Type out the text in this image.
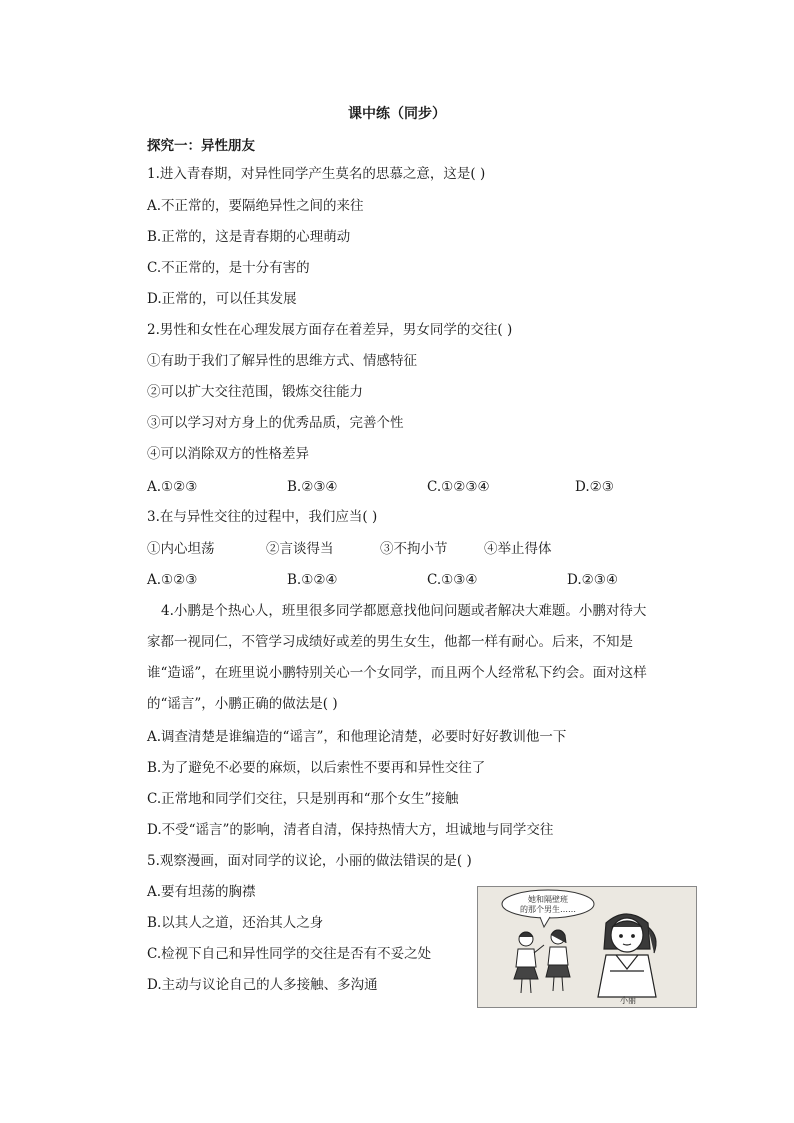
课中练（同步）
探究一：异性朋友
1.进入青春期，对异性同学产生莫名的思慕之意，这是( )
A.不正常的，要隔绝异性之间的来往
B.正常的，这是青春期的心理萌动
C.不正常的，是十分有害的
D.正常的，可以任其发展
2.男性和女性在心理发展方面存在着差异，男女同学的交往( )
①有助于我们了解异性的思维方式、情感特征
②可以扩大交往范围，锻炼交往能力
③可以学习对方身上的优秀品质，完善个性
④可以消除双方的性格差异
A.①②③	B.②③④	C.①②③④	D.②③
3.在与异性交往的过程中，我们应当( )
①内心坦荡	②言谈得当	③不拘小节	④举止得体
A.①②③	B.①②④	C.①③④	D.②③④
4.小鹏是个热心人，班里很多同学都愿意找他问问题或者解决大难题。小鹏对待大家都一视同仁，不管学习成绩好或差的男生女生，他都一样有耐心。后来，不知是谁“造谣”，在班里说小鹏特别关心一个女同学，而且两个人经常私下约会。面对这样的“谣言”，小鹏正确的做法是( )
A.调查清楚是谁编造的“谣言”，和他理论清楚，必要时好好教训他一下
B.为了避免不必要的麻烦，以后索性不要再和异性交往了
C.正常地和同学们交往，只是别再和“那个女生”接触
D.不受“谣言”的影响，清者自清，保持热情大方，坦诚地与同学交往
5.观察漫画，面对同学的议论，小丽的做法错误的是( )
A.要有坦荡的胸襟
B.以其人之道，还治其人之身
C.检视下自己和异性同学的交往是否有不妥之处
D.主动与议论自己的人多接触、多沟通
她和隔壁班
的那个男生……
小丽
